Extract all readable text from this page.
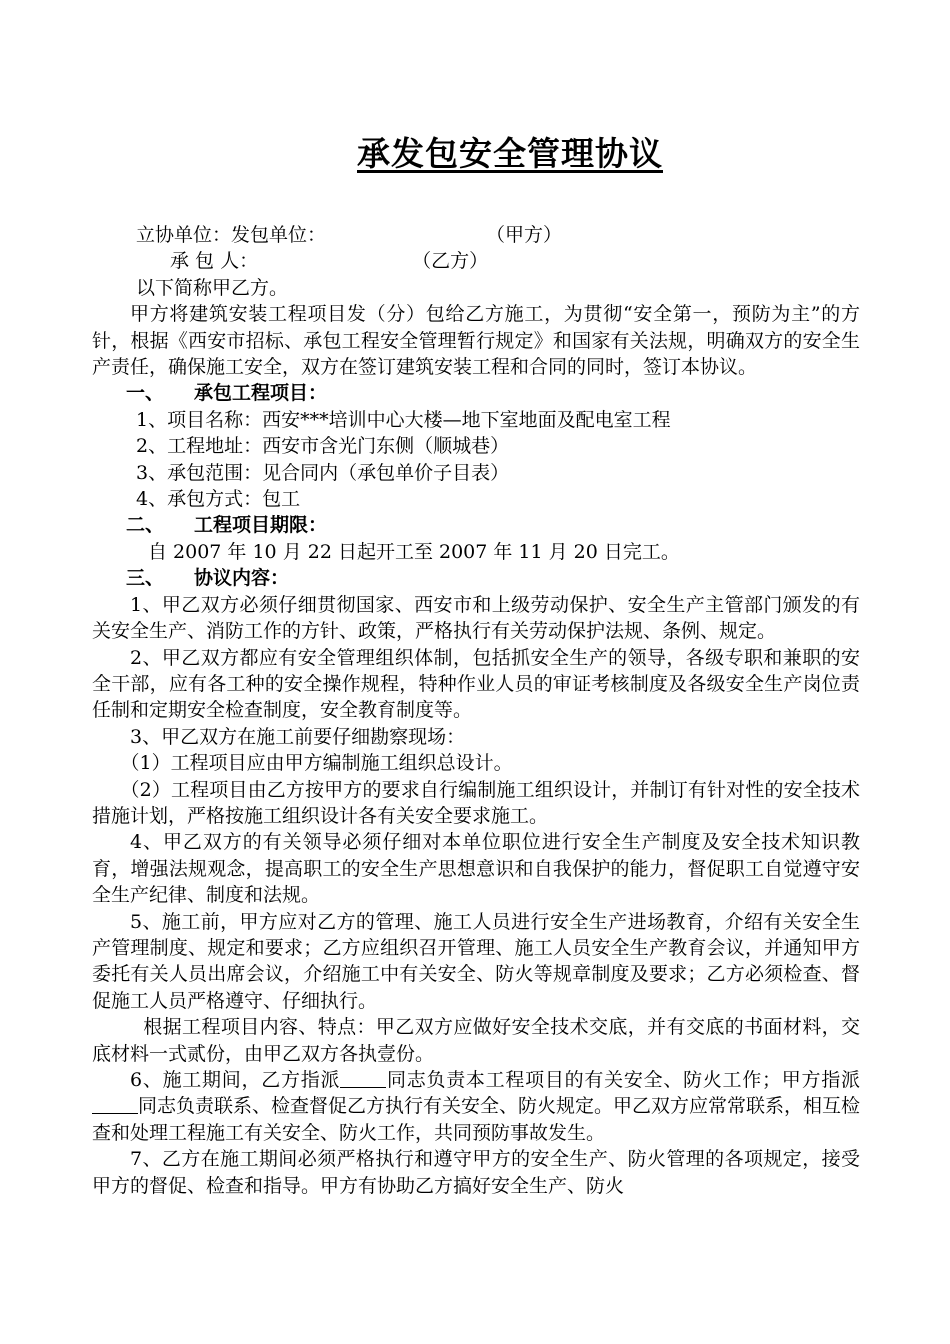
承发包安全管理协议

立协单位：发包单位：	（甲方）

承 包 人：	（乙方）

以下简称甲乙方。

甲方将建筑安装工程项目发（分）包给乙方施工，为贯彻“安全第一，预防为主”的方针，根据《西安市招标、承包工程安全管理暂行规定》和国家有关法规，明确双方的安全生产责任，确保施工安全，双方在签订建筑安装工程和合同的同时，签订本协议。

一、 承包工程项目：

1、项目名称：西安***培训中心大楼—地下室地面及配电室工程

2、工程地址：西安市含光门东侧（顺城巷）

3、承包范围：见合同内（承包单价子目表）

4、承包方式：包工

二、 工程项目期限：

自 2007 年 10 月 22 日起开工至 2007 年 11 月 20 日完工。

三、 协议内容：

1、甲乙双方必须仔细贯彻国家、西安市和上级劳动保护、安全生产主管部门颁发的有关安全生产、消防工作的方针、政策，严格执行有关劳动保护法规、条例、规定。

2、甲乙双方都应有安全管理组织体制，包括抓安全生产的领导，各级专职和兼职的安全干部，应有各工种的安全操作规程，特种作业人员的审证考核制度及各级安全生产岗位责任制和定期安全检查制度，安全教育制度等。

3、甲乙双方在施工前要仔细勘察现场：

（1）工程项目应由甲方编制施工组织总设计。

（2）工程项目由乙方按甲方的要求自行编制施工组织设计，并制订有针对性的安全技术措施计划，严格按施工组织设计各有关安全要求施工。

4、甲乙双方的有关领导必须仔细对本单位职位进行安全生产制度及安全技术知识教育，增强法规观念，提高职工的安全生产思想意识和自我保护的能力，督促职工自觉遵守安全生产纪律、制度和法规。

5、施工前，甲方应对乙方的管理、施工人员进行安全生产进场教育，介绍有关安全生产管理制度、规定和要求；乙方应组织召开管理、施工人员安全生产教育会议，并通知甲方委托有关人员出席会议，介绍施工中有关安全、防火等规章制度及要求；乙方必须检查、督促施工人员严格遵守、仔细执行。

根据工程项目内容、特点：甲乙双方应做好安全技术交底，并有交底的书面材料，交底材料一式贰份，由甲乙双方各执壹份。

6、施工期间，乙方指派 同志负责本工程项目的有关安全、防火工作；甲方指派同志负责联系、检查督促乙方执行有关安全、防火规定。甲乙双方应常常联系，相互检查和处理工程施工有关安全、防火工作，共同预防事故发生。

7、乙方在施工期间必须严格执行和遵守甲方的安全生产、防火管理的各项规定，接受甲方的督促、检查和指导。甲方有协助乙方搞好安全生产、防火
